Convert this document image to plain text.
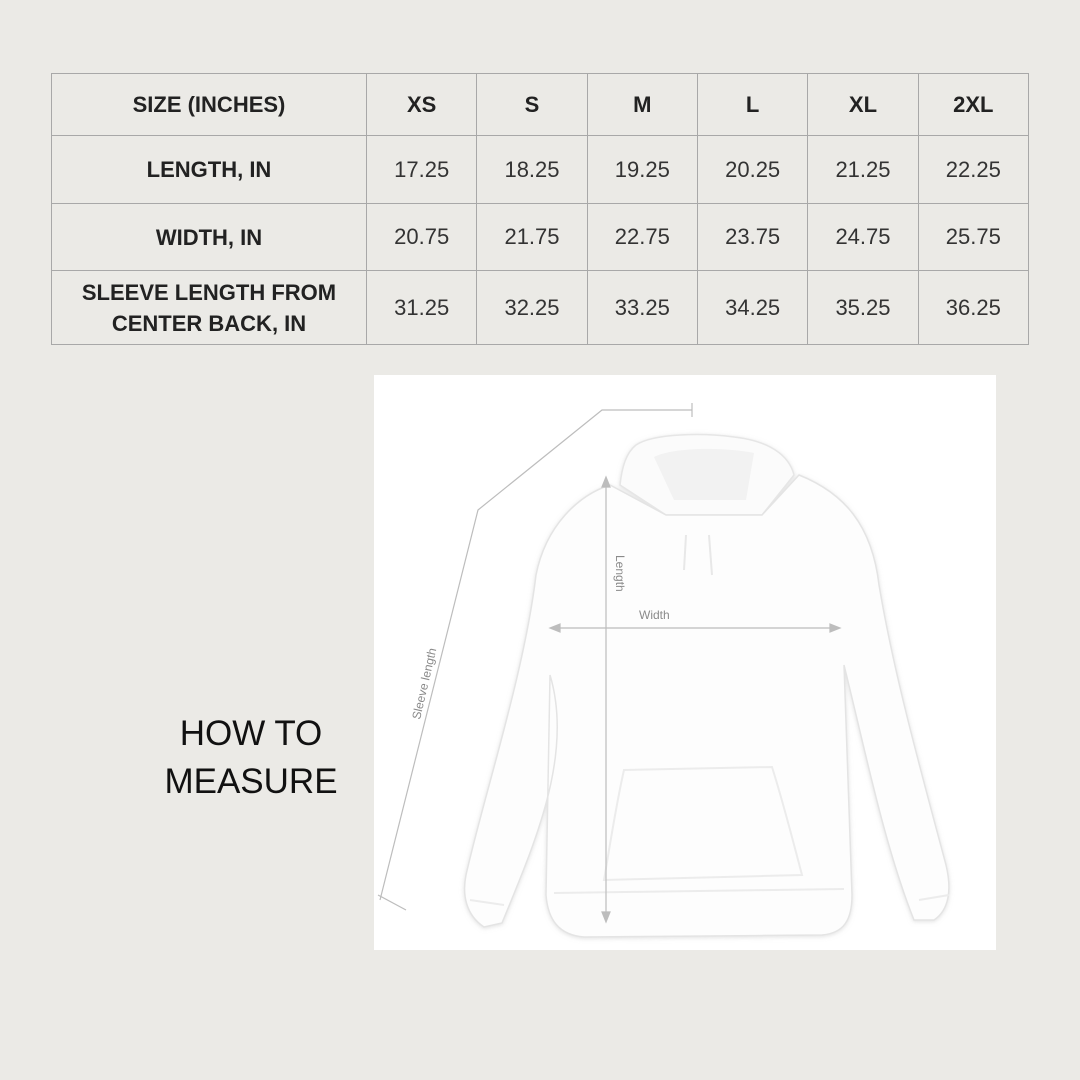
SIZE (INCHES)	XS	S	M	L	XL	2XL
LENGTH, IN	17.25	18.25	19.25	20.25	21.25	22.25
WIDTH, IN	20.75	21.75	22.75	23.75	24.75	25.75
SLEEVE LENGTH FROM
CENTER BACK, IN	31.25	32.25	33.25	34.25	35.25	36.25
HOW TO
MEASURE
Length
Width
Sleeve length
